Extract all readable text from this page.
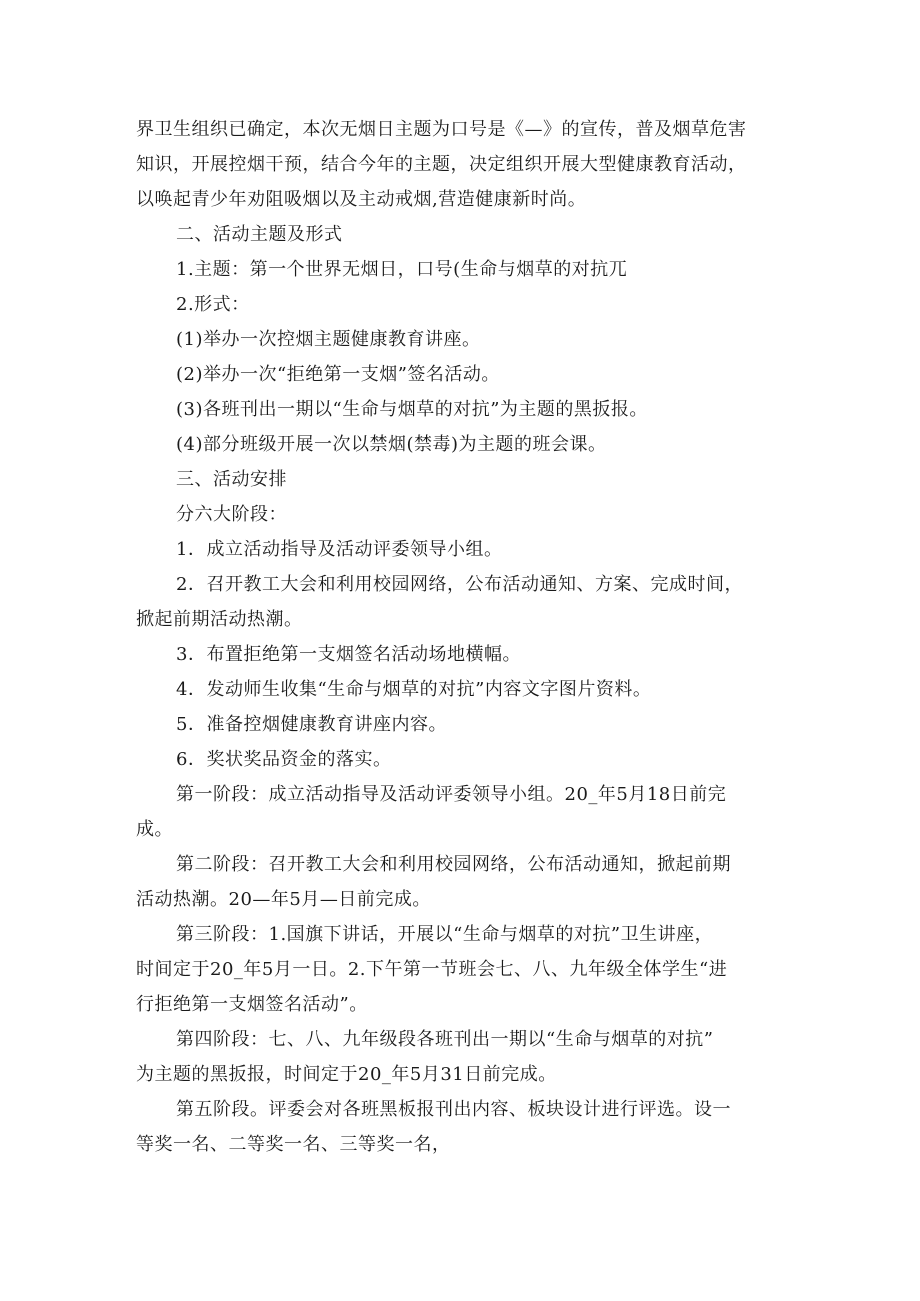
界卫生组织已确定，本次无烟日主题为口号是《—》的宣传，普及烟草危害

知识，开展控烟干预，结合今年的主题，决定组织开展大型健康教育活动，

以唤起青少年劝阻吸烟以及主动戒烟,营造健康新时尚。

二、活动主题及形式

1.主题：第一个世界无烟日，口号(生命与烟草的对抗兀

2.形式：

(1)举办一次控烟主题健康教育讲座。

(2)举办一次“拒绝第一支烟”签名活动。

(3)各班刊出一期以“生命与烟草的对抗”为主题的黑扳报。

(4)部分班级开展一次以禁烟(禁毒)为主题的班会课。

三、活动安排

分六大阶段：

1．成立活动指导及活动评委领导小组。

2．召开教工大会和利用校园网络，公布活动通知、方案、完成时间，

掀起前期活动热潮。

3．布置拒绝第一支烟签名活动场地横幅。

4．发动师生收集“生命与烟草的对抗”内容文字图片资料。

5．准备控烟健康教育讲座内容。

6．奖状奖品资金的落实。

第一阶段：成立活动指导及活动评委领导小组。20_年5月18日前完

成。

第二阶段：召开教工大会和利用校园网络，公布活动通知，掀起前期

活动热潮。20—年5月—日前完成。

第三阶段：1.国旗下讲话，开展以“生命与烟草的对抗”卫生讲座，

时间定于20_年5月一日。2.下午第一节班会七、八、九年级全体学生“进

行拒绝第一支烟签名活动”。

第四阶段：七、八、九年级段各班刊出一期以“生命与烟草的对抗”

为主题的黑扳报，时间定于20_年5月31日前完成。

第五阶段。评委会对各班黑板报刊出内容、板块设计进行评选。设一

等奖一名、二等奖一名、三等奖一名，
